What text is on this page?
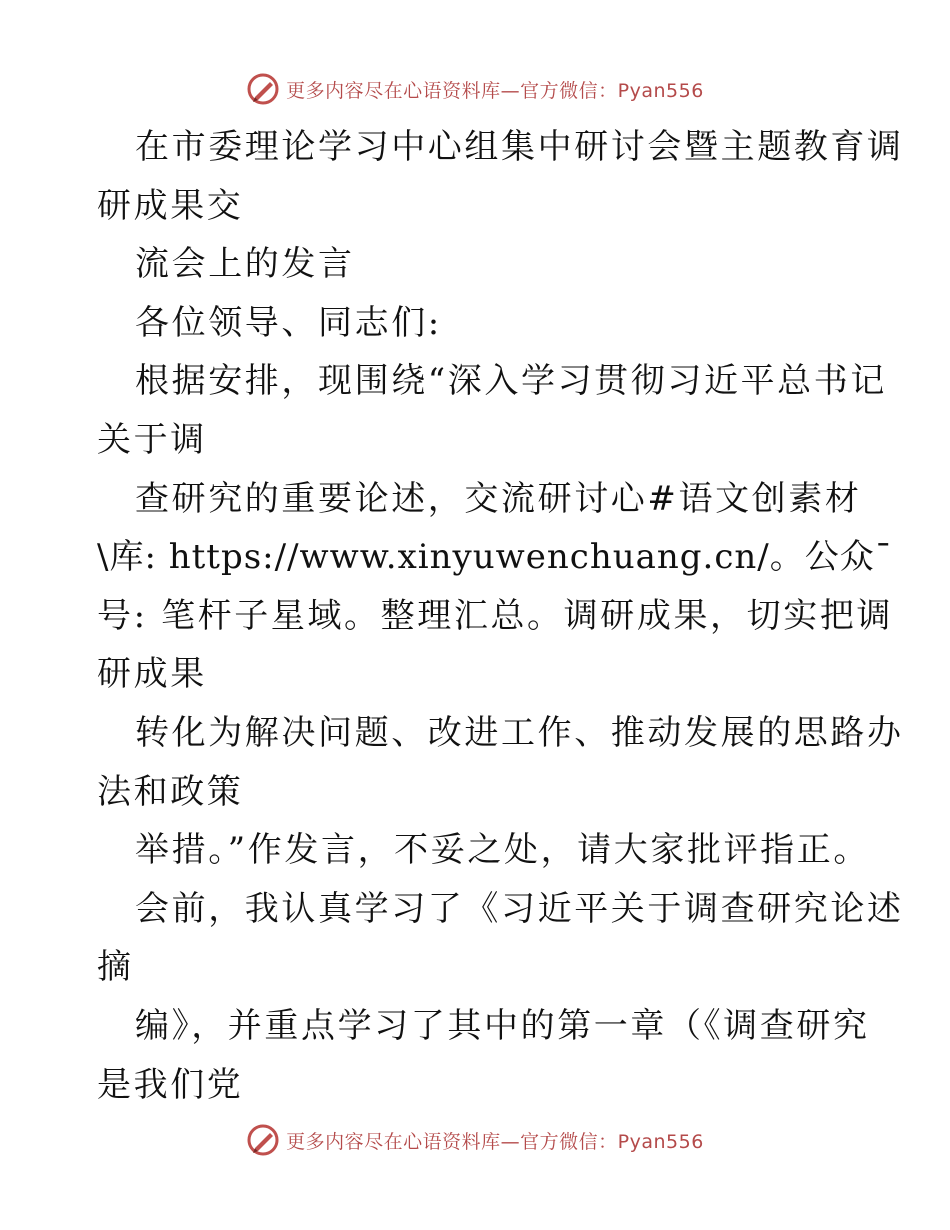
更多内容尽在心语资料库—官方微信：Pyan556
在市委理论学习中心组集中研讨会暨主题教育调
研成果交
流会上的发言
各位领导、同志们:
根据安排，现围绕“深入学习贯彻习近平总书记
关于调
查研究的重要论述，交流研讨心#语文创素材
\库: https://www.xinyuwenchuang.cn/。公众¯
号: 笔杆子星域。整理汇总。调研成果，切实把调
研成果
转化为解决问题、改进工作、推动发展的思路办
法和政策
举措。”作发言，不妥之处，请大家批评指正。
会前，我认真学习了《习近平关于调查研究论述
摘
编》，并重点学习了其中的第一章（《调查研究
是我们党
更多内容尽在心语资料库—官方微信：Pyan556
